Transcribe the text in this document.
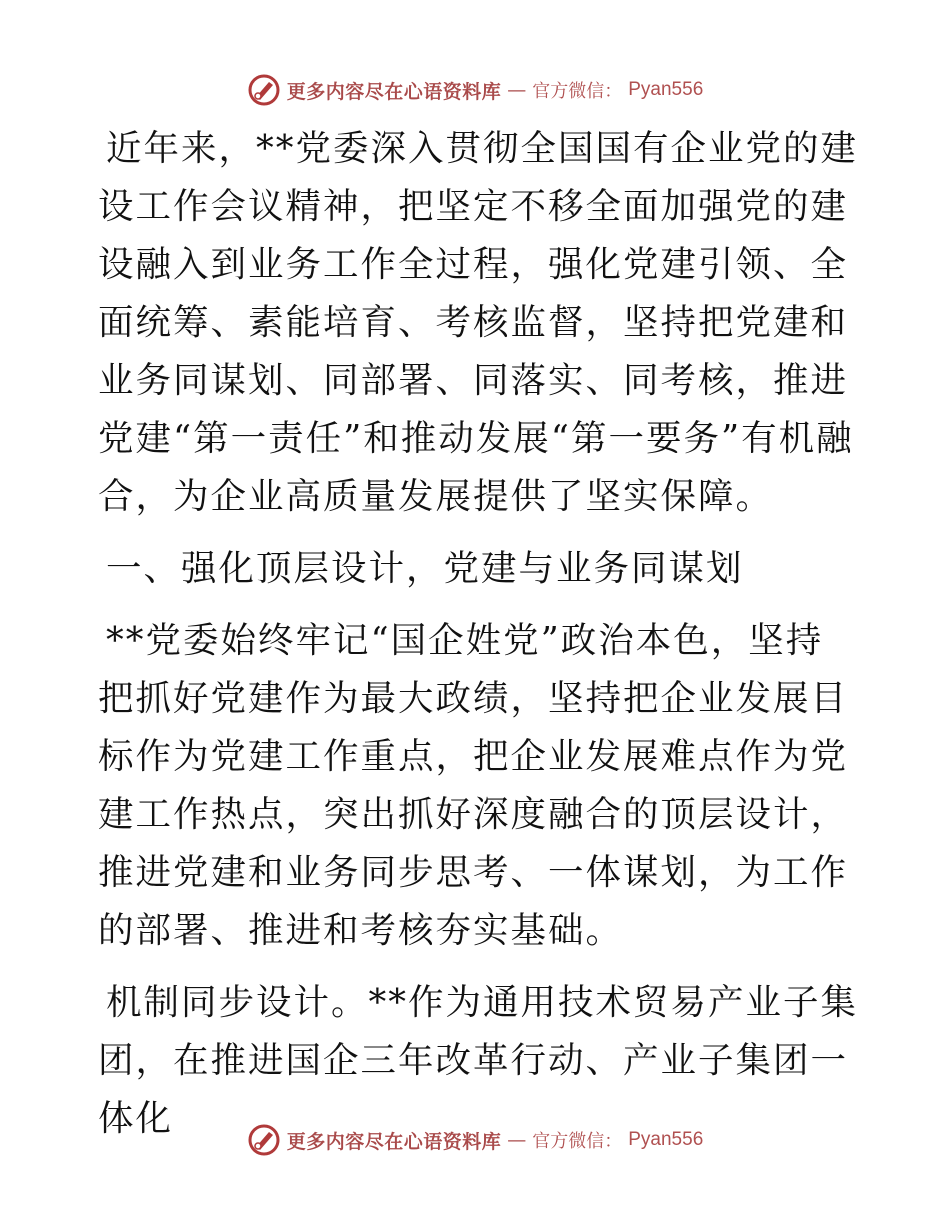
更多内容尽在心语资料库 — 官方微信： Pyan556

近年来，**党委深入贯彻全国国有企业党的建设工作会议精神，把坚定不移全面加强党的建设融入到业务工作全过程，强化党建引领、全面统筹、素能培育、考核监督，坚持把党建和业务同谋划、同部署、同落实、同考核，推进党建“第一责任”和推动发展“第一要务”有机融合，为企业高质量发展提供了坚实保障。

一、强化顶层设计，党建与业务同谋划

**党委始终牢记“国企姓党”政治本色，坚持把抓好党建作为最大政绩，坚持把企业发展目标作为党建工作重点，把企业发展难点作为党建工作热点，突出抓好深度融合的顶层设计，推进党建和业务同步思考、一体谋划，为工作的部署、推进和考核夯实基础。

机制同步设计。**作为通用技术贸易产业子集团，在推进国企三年改革行动、产业子集团一体化

更多内容尽在心语资料库 — 官方微信： Pyan556
